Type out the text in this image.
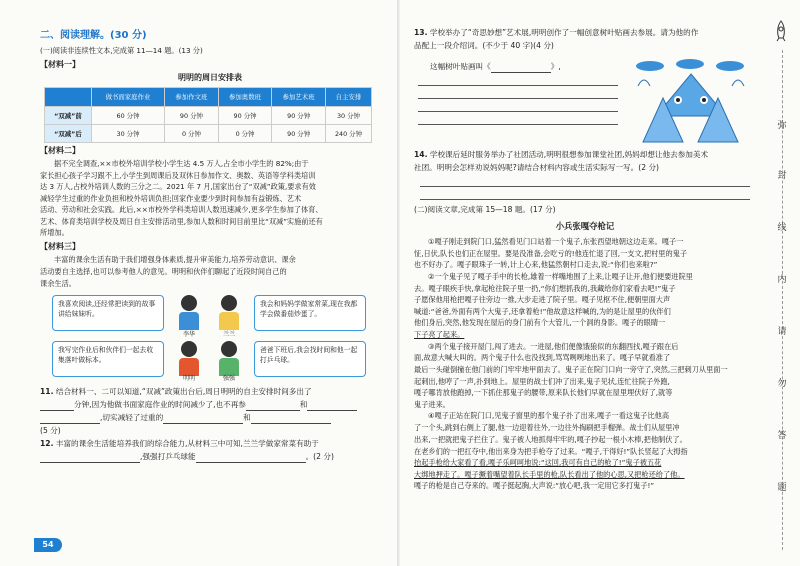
二、阅读理解。(30 分)

(一)阅读非连续性文本,完成第 11—14 题。(13 分)

【材料一】

明明的周日安排表

	做书面家庭作业	参加作文班	参加奥数班	参加艺术班	自主安排
“双减”前	60 分钟	90 分钟	90 分钟	90 分钟	30 分钟
“双减”后	30 分钟	0 分钟	0 分钟	90 分钟	240 分钟

【材料二】

据不完全调查,××市校外培训学校小学生达 4.5 万人,占全市小学生的 82%;由于

家长担心孩子学习跟不上,小学生到周课后及双休日参加作文、奥数、英语等学科类培训

达 3 万人,占校外培训人数的三分之二。2021 年 7 月,国家出台了“双减”政策,要求有效

减轻学生过重的作业负担和校外培训负担;回家作业要少到时间参加有益锻炼、艺术

活动、劳动和社会实践。此后,××市校外学科类培训人数迅速减少,更多学生参加了体育、

艺术、体育类培训学校及周日自主安排活动里,参加人数和时间目前里比“双减”实施前还有

所增加。

【材料三】

丰富的课余生活有助于我们增强身体素质,提升审美能力,培养劳动意识、课余

活动要自主选择,也可以参考他人的意见。明明和伙伴们聊起了近段时间自己的

课余生活。

我喜欢阅读,还经常把读到的故事讲给妹妹听。
我会和妈妈学做家常菜,现在我都学会做番茄炒蛋了。
我写完作业后和伙伴们一起去收集落叶做标本。
爸爸下班后,我会找时间和他一起打乒乓球。
李华	兰兰
明明	强强

11. 结合材料一、二可以知道,“双减”政策出台后,周日明明的自主安排时间多出了

分钟,因为他做书面家庭作业的时间减少了,也不再参	和

,切实减轻了过重的	和

(5 分)

12. 丰富的课余生活能培养我们的综合能力,从材料三中可知,兰兰学做家常菜有助于

,强强打乒乓球能	。(2 分)

54

13. 学校举办了“奇思妙想”艺术展,明明创作了一幅创意树叶贴画去参展。请为他的作

品配上一段介绍词。(不少于 40 字)(4 分)

这幅树叶贴画叫《	》,

14. 学校课后延时服务举办了社团活动,明明很想参加课堂社团,妈妈却想让他去参加美术

社团。明明会怎样劝说妈妈呢?请结合材料内容或生活实际写一写。(2 分)

(二)阅读文章,完成第 15—18 题。(17 分)

小兵张嘎夺枪记

①嘎子刚走到院门口,猛然看见门口站着一个鬼子,东张西望地朝这边走来。嘎子一

怔,日伏,队长也们正在屋里。要是没准备,会吃亏的!他连忙退了回,一支文,把村里的鬼子

也不好办了。嘎子眼珠子一转,计上心来,他猛然朝村口走去,说:“你们也来啦?”

②一个鬼子见了嘎子手中的长枪,雄着一样嘴地围了上来,让嘎子让开,他们便要进院里

去。嘎子眼疾手快,拿起枪往院子里一扔,“你们想抓我的,我藏给你们家看去吧!”鬼子

子愿保他用枪把嘎子往旁边一推,大步走进了院子里。嘎子见枢不住,便朝里面大声

喊道:“爸爸,外面有两个大鬼子,还拿着枪!”他故意这样喊的,为的是让屋里的伙伴们

他们身后,突然,他发现在屋后的身门前有个大管儿,一个洞的身影。嘎子的眼睛一

下子亮了起来。

③两个鬼子接开屋门,闯了进去。一进屋,他们便像饿狼似的东翻西找,嘎子跟在后

面,故意大喊大叫的。两个鬼子什么也没找到,骂骂咧咧地出来了。嘎子早就看准了

最后一头碰倒撞在他门前的门牢牢地甲面去了。鬼子正在院门口向一旁守了,突然,三把刺刀从里面一

起刺出,他哼了一声,扑到地上。屋里的战士们冲了出来,鬼子见状,连忙往院子外跑,

嘎子哪肯放他跑掉,一下抓住那鬼子的腰带,原来队长他们早就在屋里埋伏好了,就等

鬼子进来。

④嘎子正站在院门口,见鬼子窗里的那个鬼子扑了出来,嘎子一看这鬼子比他高

了一个头,跳到右侧上了腿,他一边迎着往外,一边往外掏刷把手榴弹。战士们从屋里冲

出来,一把就把鬼子拦住了。鬼子被人地抓得牢牢的,嘎子抄起一根小木棒,把他制伏了。

在老乡们的一把扛夺中,他出来身为把手枪夺了过来。“嘎子,干得好!”队长竖起了大拇指

抬起手枪给大家看了看,嘎子乐呵呵地说:“这回,我可有自己的枪了!”鬼子被五花

大绑地押走了。嘎子撅着嘴望着队长手里的枪,队长看出了他的心思,又把枪还给了他。

嘎子的枪是自己夺来的。嘎子挺起胸,大声说:“放心吧,我一定用它多打鬼子!”

弥
封
线
内
请
勿
答
题
